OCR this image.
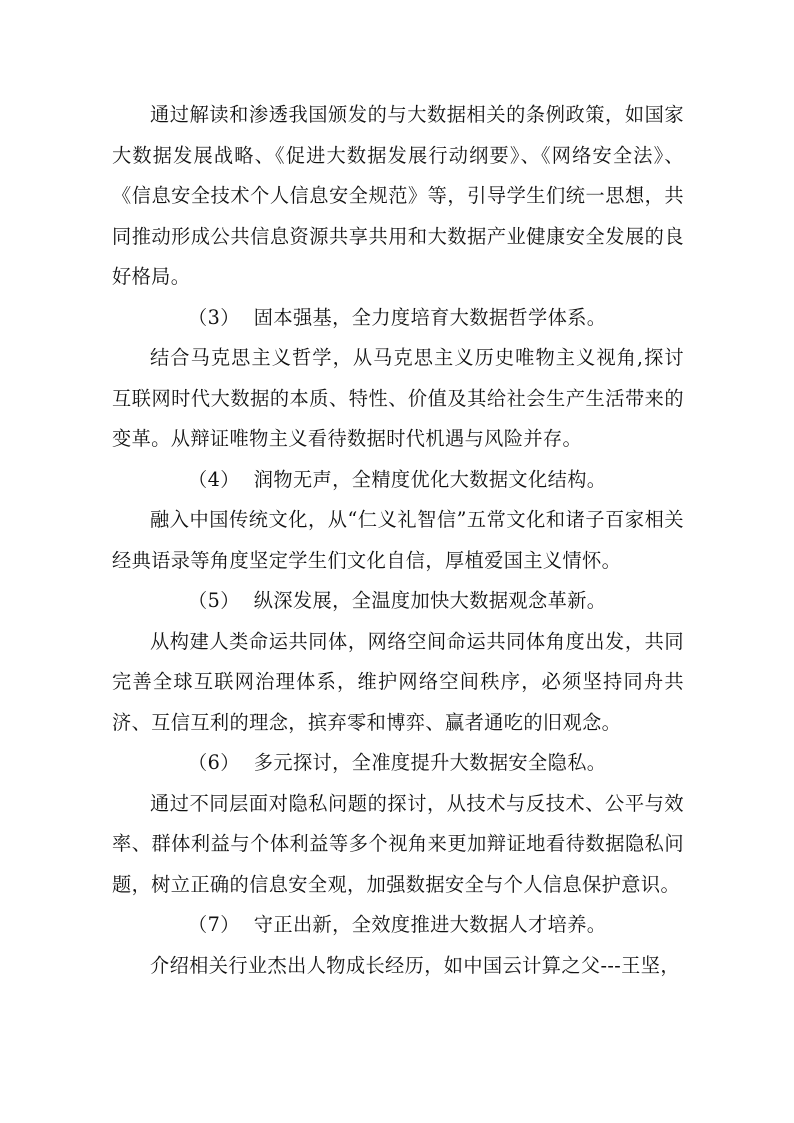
通过解读和渗透我国颁发的与大数据相关的条例政策，如国家大数据发展战略、《促进大数据发展行动纲要》、《网络安全法》、《信息安全技术个人信息安全规范》等，引导学生们统一思想，共同推动形成公共信息资源共享共用和大数据产业健康安全发展的良好格局。

（3） 固本强基，全力度培育大数据哲学体系。

结合马克思主义哲学，从马克思主义历史唯物主义视角,探讨互联网时代大数据的本质、特性、价值及其给社会生产生活带来的变革。从辩证唯物主义看待数据时代机遇与风险并存。

（4） 润物无声，全精度优化大数据文化结构。

融入中国传统文化，从“仁义礼智信”五常文化和诸子百家相关经典语录等角度坚定学生们文化自信，厚植爱国主义情怀。

（5） 纵深发展，全温度加快大数据观念革新。

从构建人类命运共同体，网络空间命运共同体角度出发，共同完善全球互联网治理体系，维护网络空间秩序，必须坚持同舟共济、互信互利的理念，摈弃零和博弈、赢者通吃的旧观念。

（6） 多元探讨，全准度提升大数据安全隐私。

通过不同层面对隐私问题的探讨，从技术与反技术、公平与效率、群体利益与个体利益等多个视角来更加辩证地看待数据隐私问题，树立正确的信息安全观，加强数据安全与个人信息保护意识。

（7） 守正出新，全效度推进大数据人才培养。

介绍相关行业杰出人物成长经历，如中国云计算之父---王坚，
